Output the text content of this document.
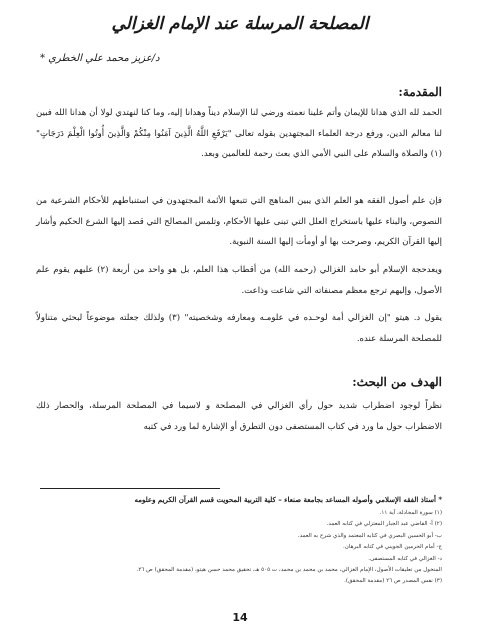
المصلحة المرسلة عند الإمام الغزالي
د/عزيز محمد علي الخطري *
المقدمة:

الحمد لله الذي هدانا للإيمان وأتم علينا نعمته ورضي لنا الإسلام ديناً وهدانا إليه، وما كنا لنهتدي لولا أن هدانا الله فبين لنا معالم الدين، ورفع درجة العلماء المجتهدين بقوله تعالى "يَرْفَعِ اللَّهُ الَّذِينَ آمَنُوا مِنْكُمْ وَالَّذِينَ أُوتُوا الْعِلْمَ دَرَجَاتٍ" (١) والصلاة والسلام على النبي الأمي الذي بعث رحمة للعالمين وبعد.

فإن علم أصول الفقه هو العلم الذي يبين المناهج التي تتبعها الأئمة المجتهدون في استنباطهم للأحكام الشرعية من النصوص، والبناء عليها باستخراج العلل التي تبنى عليها الأحكام، وتلمس المصالح التي قصد إليها الشرع الحكيم وأشار إليها القرآن الكريم، وصرحت بها أو أومأت إليها السنة النبوية.

ويعدحجة الإسلام أبو حامد الغزالي (رحمه الله) من أقطاب هذا العلم، بل هو واحد من أربعة (٢) عليهم يقوم علم الأصول، وإليهم ترجع معظم مصنفاته التي شاعت وذاعت.

يقول د. هيتو "إن الغزالي أمة لوحـده في علومـه ومعارفه وشخصيته" (٣) ولذلك جعلته موضوعاً لبحثي متناولاً للمصلحة المرسلة عنده.

الهدف من البحث:

نظراً لوجود اضطراب شديد حول رأي الغزالي في المصلحة و لاسيما في المصلحة المرسلة، والحصار ذلك الاضطراب حول ما ورد في كتاب المستصفى دون التطرق أو الإشارة لما ورد في كتبه

* أستاذ الفقه الإسلامي وأصوله المساعد بجامعة صنعاء – كلية التربية المحويت قسم القرآن الكريم وعلومه
(١) سورة المجادلة، آية ١١.
(٢) أ- القاضي عبد الجبار المعتزلي في كتابه العمد.
ب- أبو الحسين البصري في كتابه المعتمد والذي شرح به العمد.
ج- أمام الحرمين الجويني في كتابه البرهان.
د- الغزالي في كتابه المستصفى.
المنخول من تعليقات الأصول، الإمام الغزالي، محمد بن محمد بن محمد، ت ٥٠٥ هـ، تحقيق محمد حسن هيتو، (مقدمة المحقق) ص ٢٦.
(٣) نفس المصدر ص ٢٦ (مقدمة المحقق).
14
